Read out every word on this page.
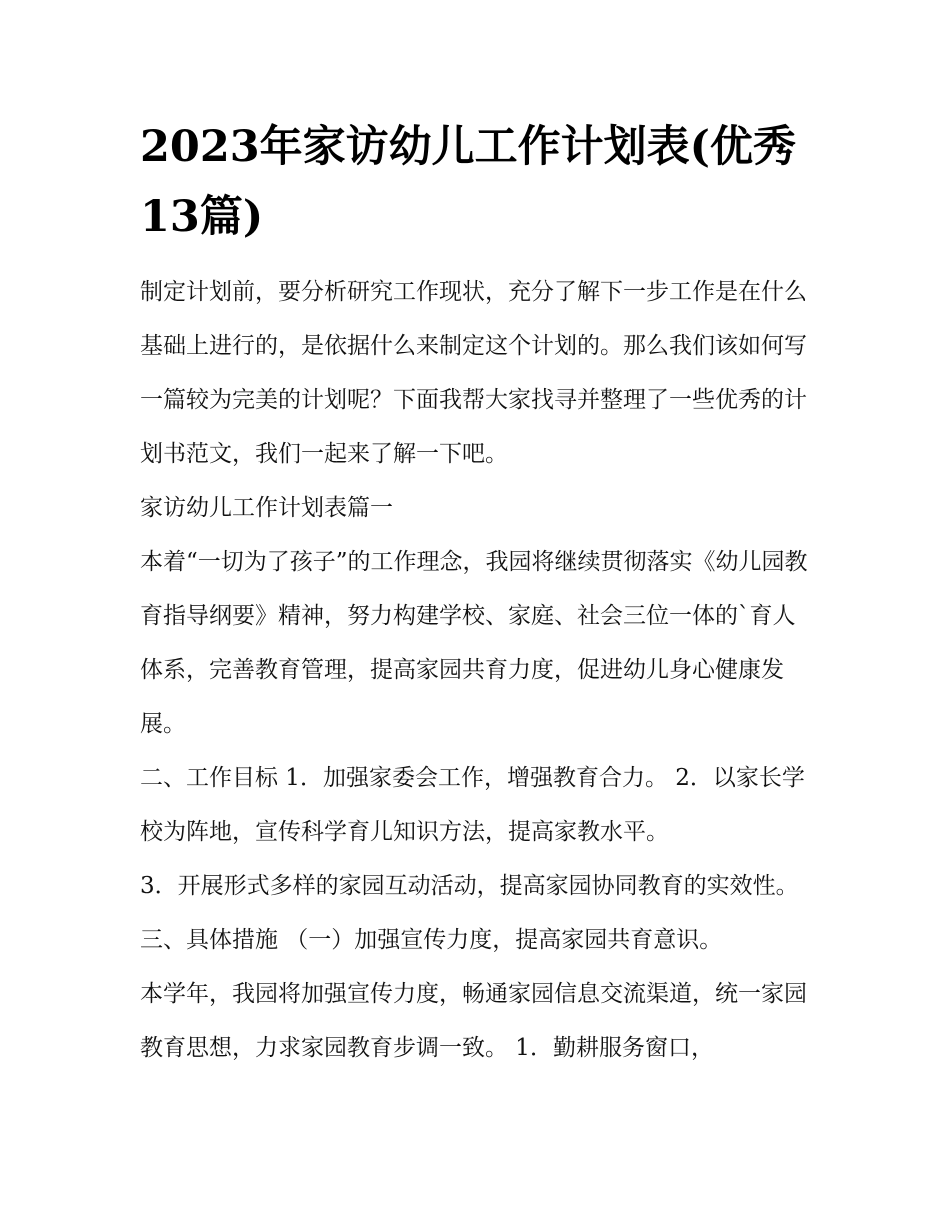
2023年家访幼儿工作计划表(优秀13篇)

制定计划前，要分析研究工作现状，充分了解下一步工作是在什么基础上进行的，是依据什么来制定这个计划的。那么我们该如何写一篇较为完美的计划呢？下面我帮大家找寻并整理了一些优秀的计划书范文，我们一起来了解一下吧。

家访幼儿工作计划表篇一

本着“一切为了孩子”的工作理念，我园将继续贯彻落实《幼儿园教育指导纲要》精神，努力构建学校、家庭、社会三位一体的`育人体系，完善教育管理，提高家园共育力度，促进幼儿身心健康发展。

二、工作目标 1．加强家委会工作，增强教育合力。 2．以家长学校为阵地，宣传科学育儿知识方法，提高家教水平。

3．开展形式多样的家园互动活动，提高家园协同教育的实效性。 三、具体措施 （一）加强宣传力度，提高家园共育意识。

本学年，我园将加强宣传力度，畅通家园信息交流渠道，统一家园教育思想，力求家园教育步调一致。 1．勤耕服务窗口，
